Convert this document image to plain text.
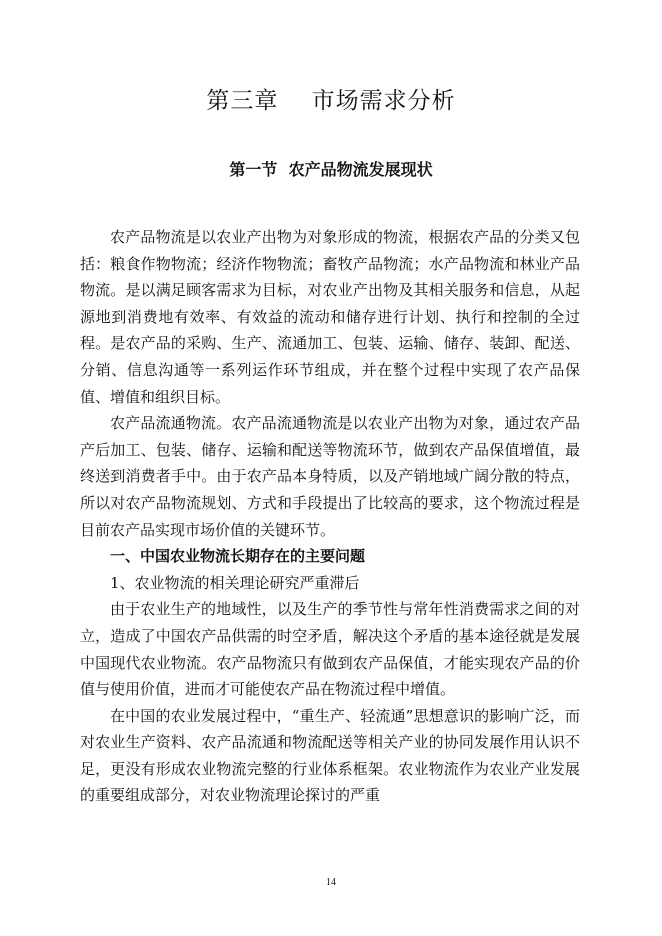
第三章    市场需求分析
第一节  农产品物流发展现状

农产品物流是以农业产出物为对象形成的物流，根据农产品的分类又包括：粮食作物物流；经济作物物流；畜牧产品物流；水产品物流和林业产品物流。是以满足顾客需求为目标，对农业产出物及其相关服务和信息，从起源地到消费地有效率、有效益的流动和储存进行计划、执行和控制的全过程。是农产品的采购、生产、流通加工、包装、运输、储存、装卸、配送、分销、信息沟通等一系列运作环节组成，并在整个过程中实现了农产品保值、增值和组织目标。

农产品流通物流。农产品流通物流是以农业产出物为对象，通过农产品产后加工、包装、储存、运输和配送等物流环节，做到农产品保值增值，最终送到消费者手中。由于农产品本身特质，以及产销地域广阔分散的特点，所以对农产品物流规划、方式和手段提出了比较高的要求，这个物流过程是目前农产品实现市场价值的关键环节。

一、中国农业物流长期存在的主要问题

1、农业物流的相关理论研究严重滞后

由于农业生产的地域性，以及生产的季节性与常年性消费需求之间的对立，造成了中国农产品供需的时空矛盾，解决这个矛盾的基本途径就是发展中国现代农业物流。农产品物流只有做到农产品保值，才能实现农产品的价值与使用价值，进而才可能使农产品在物流过程中增值。

在中国的农业发展过程中，“重生产、轻流通”思想意识的影响广泛，而对农业生产资料、农产品流通和物流配送等相关产业的协同发展作用认识不足，更没有形成农业物流完整的行业体系框架。农业物流作为农业产业发展的重要组成部分，对农业物流理论探讨的严重

14
